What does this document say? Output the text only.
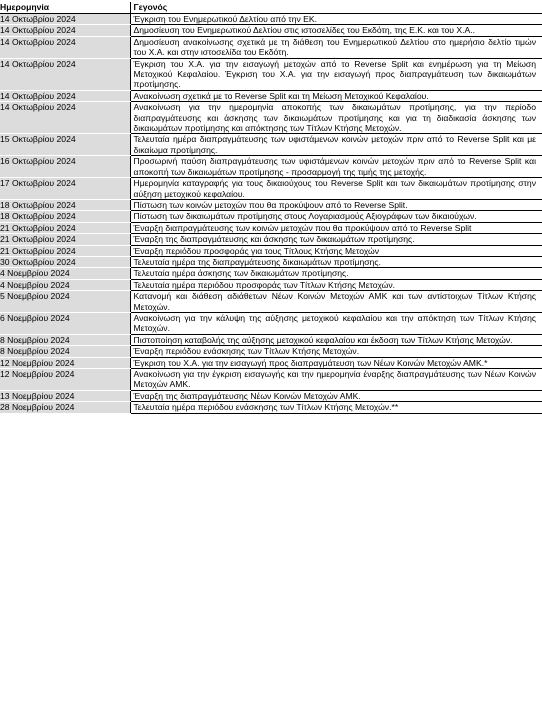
Ημερομηνία	Γεγονός
14 Οκτωβρίου 2024	Έγκριση του Ενημερωτικού Δελτίου από την ΕΚ.
14 Οκτωβρίου 2024	Δημοσίευση του Ενημερωτικού Δελτίου στις ιστοσελίδες του Εκδότη, της Ε.Κ. και του Χ.Α..
14 Οκτωβρίου 2024	Δημοσίευση ανακοίνωσης σχετικά με τη διάθεση του Ενημερωτικού Δελτίου στο ημερήσιο δελτίο τιμών του Χ.Α. και στην ιστοσελίδα του Εκδότη.
14 Οκτωβρίου 2024	Έγκριση του Χ.Α. για την εισαγωγή μετοχών από το Reverse Split και ενημέρωση για τη Μείωση Μετοχικού Κεφαλαίου. Έγκριση του Χ.Α. για την εισαγωγή προς διαπραγμάτευση των δικαιωμάτων προτίμησης.
14 Οκτωβρίου 2024	Ανακοίνωση σχετικά με το Reverse Split και τη Μείωση Μετοχικού Κεφαλαίου.
14 Οκτωβρίου 2024	Ανακοίνωση για την ημερομηνία αποκοπής των δικαιωμάτων προτίμησης, για την περίοδο διαπραγμάτευσης και άσκησης των δικαιωμάτων προτίμησης και για τη διαδικασία άσκησης των δικαιωμάτων προτίμησης και απόκτησης των Τίτλων Κτήσης Μετοχών.
15 Οκτωβρίου 2024	Τελευταία ημέρα διαπραγμάτευσης των υφιστάμενων κοινών μετοχών πριν από το Reverse Split και με δικαίωμα προτίμησης.
16 Οκτωβρίου 2024	Προσωρινή παύση διαπραγμάτευσης των υφιστάμενων κοινών μετοχών πριν από το Reverse Split και αποκοπή των δικαιωμάτων προτίμησης - προσαρμογή της τιμής της μετοχής.
17 Οκτωβρίου 2024	Ημερομηνία καταγραφής για τους δικαιούχους του Reverse Split και των δικαιωμάτων προτίμησης στην αύξηση μετοχικού κεφαλαίου.
18 Οκτωβρίου 2024	Πίστωση των κοινών μετοχών που θα προκύψουν από το Reverse Split.
18 Οκτωβρίου 2024	Πίστωση των δικαιωμάτων προτίμησης στους Λογαριασμούς Αξιογράφων των δικαιούχων.
21 Οκτωβρίου 2024	Έναρξη διαπραγμάτευσης των κοινών μετοχών που θα προκύψουν από το Reverse Split
21 Οκτωβρίου 2024	Έναρξη της διαπραγμάτευσης και άσκησης των δικαιωμάτων προτίμησης.
21 Οκτωβρίου 2024	Έναρξη περιόδου προσφοράς για τους Τίτλους Κτήσης Μετοχών
30 Οκτωβρίου 2024	Τελευταία ημέρα της διαπραγμάτευσης δικαιωμάτων προτίμησης.
4 Νοεμβρίου 2024	Τελευταία ημέρα άσκησης των δικαιωμάτων προτίμησης.
4 Νοεμβρίου 2024	Τελευταία ημέρα περιόδου προσφοράς των Τίτλων Κτήσης Μετοχών.
5 Νοεμβρίου 2024	Κατανομή και διάθεση αδιάθετων Νέων Κοινών Μετοχών ΑΜΚ και των αντίστοιχων Τίτλων Κτήσης Μετοχών.
6 Νοεμβρίου 2024	Ανακοίνωση για την κάλυψη της αύξησης μετοχικού κεφαλαίου και την απόκτηση των Τίτλων Κτήσης Μετοχών.
8 Νοεμβρίου 2024	Πιστοποίηση καταβολής της αύξησης μετοχικού κεφαλαίου και έκδοση των Τίτλων Κτήσης Μετοχών.
8 Νοεμβρίου 2024	Έναρξη περιόδου ενάσκησης των Τίτλων Κτήσης Μετοχών.
12 Νοεμβρίου 2024	Έγκριση του Χ.Α. για την εισαγωγή προς διαπραγμάτευση των Νέων Κοινών Μετοχών ΑΜΚ.*
12 Νοεμβρίου 2024	Ανακοίνωση για την έγκριση εισαγωγής και την ημερομηνία έναρξης διαπραγμάτευσης των Νέων Κοινών Μετοχών ΑΜΚ.
13 Νοεμβρίου 2024	Έναρξη της διαπραγμάτευσης Νέων Κοινών Μετοχών ΑΜΚ.
28 Νοεμβρίου 2024	Τελευταία ημέρα περιόδου ενάσκησης των Τίτλων Κτήσης Μετοχών.**
